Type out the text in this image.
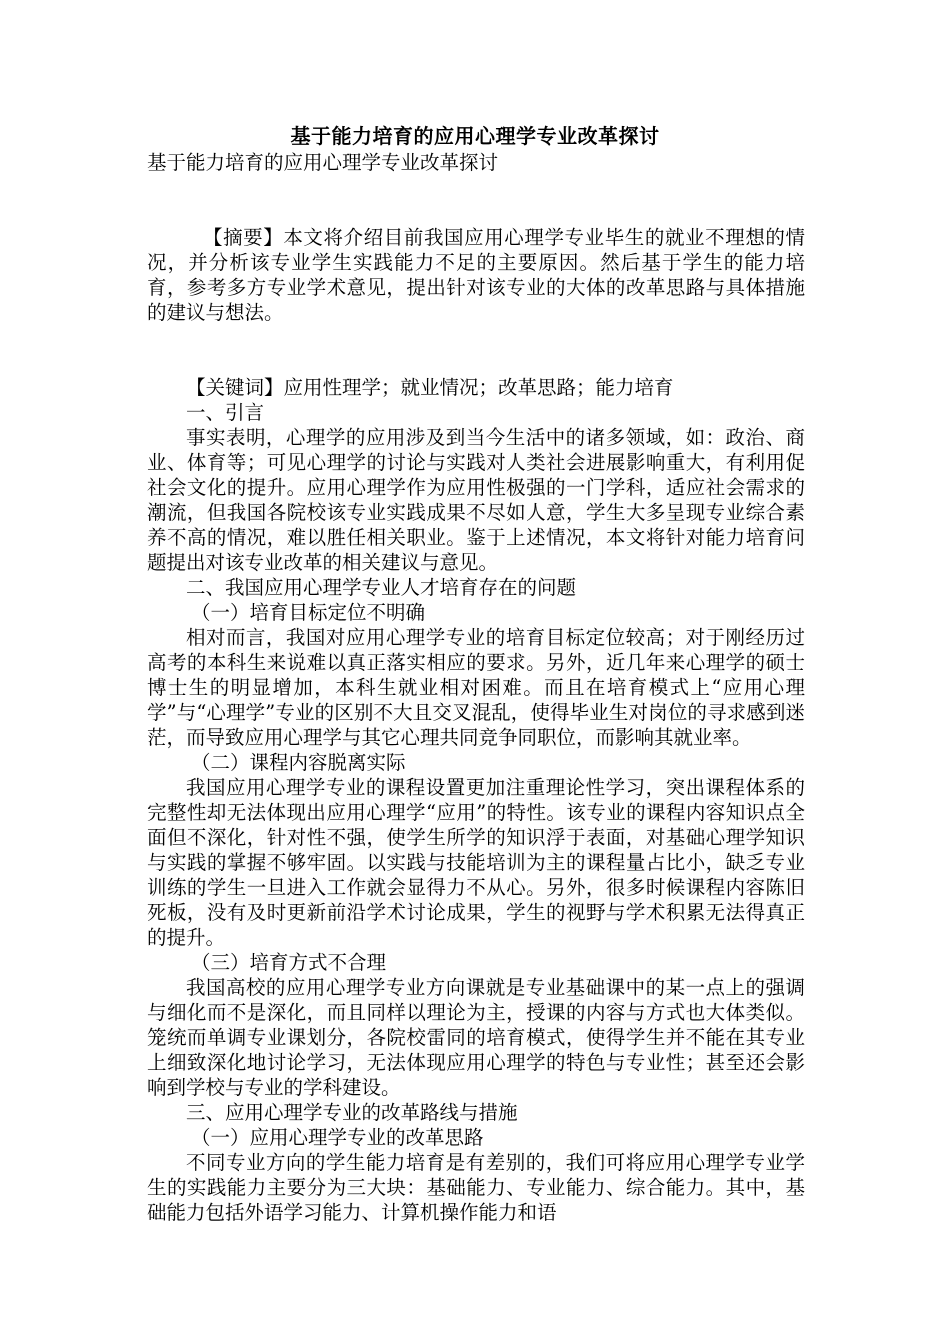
基于能力培育的应用心理学专业改革探讨

基于能力培育的应用心理学专业改革探讨

【摘要】本文将介绍目前我国应用心理学专业毕生的就业不理想的情况，并分析该专业学生实践能力不足的主要原因。然后基于学生的能力培育，参考多方专业学术意见，提出针对该专业的大体的改革思路与具体措施的建议与想法。

【关键词】应用性理学；就业情况；改革思路；能力培育

一、引言

事实表明，心理学的应用涉及到当今生活中的诸多领域，如：政治、商业、体育等；可见心理学的讨论与实践对人类社会进展影响重大，有利用促社会文化的提升。应用心理学作为应用性极强的一门学科，适应社会需求的潮流，但我国各院校该专业实践成果不尽如人意，学生大多呈现专业综合素养不高的情况，难以胜任相关职业。鉴于上述情况，本文将针对能力培育问题提出对该专业改革的相关建议与意见。

二、我国应用心理学专业人才培育存在的问题

（一）培育目标定位不明确

相对而言，我国对应用心理学专业的培育目标定位较高；对于刚经历过高考的本科生来说难以真正落实相应的要求。另外，近几年来心理学的硕士博士生的明显增加，本科生就业相对困难。而且在培育模式上“应用心理学”与“心理学”专业的区别不大且交叉混乱，使得毕业生对岗位的寻求感到迷茫，而导致应用心理学与其它心理共同竞争同职位，而影响其就业率。

（二）课程内容脱离实际

我国应用心理学专业的课程设置更加注重理论性学习，突出课程体系的完整性却无法体现出应用心理学“应用”的特性。该专业的课程内容知识点全面但不深化，针对性不强，使学生所学的知识浮于表面，对基础心理学知识与实践的掌握不够牢固。以实践与技能培训为主的课程量占比小，缺乏专业训练的学生一旦进入工作就会显得力不从心。另外，很多时候课程内容陈旧死板，没有及时更新前沿学术讨论成果，学生的视野与学术积累无法得真正的提升。

（三）培育方式不合理

我国高校的应用心理学专业方向课就是专业基础课中的某一点上的强调与细化而不是深化，而且同样以理论为主，授课的内容与方式也大体类似。笼统而单调专业课划分，各院校雷同的培育模式，使得学生并不能在其专业上细致深化地讨论学习，无法体现应用心理学的特色与专业性；甚至还会影响到学校与专业的学科建设。

三、应用心理学专业的改革路线与措施

（一）应用心理学专业的改革思路

不同专业方向的学生能力培育是有差别的，我们可将应用心理学专业学生的实践能力主要分为三大块：基础能力、专业能力、综合能力。其中，基础能力包括外语学习能力、计算机操作能力和语
